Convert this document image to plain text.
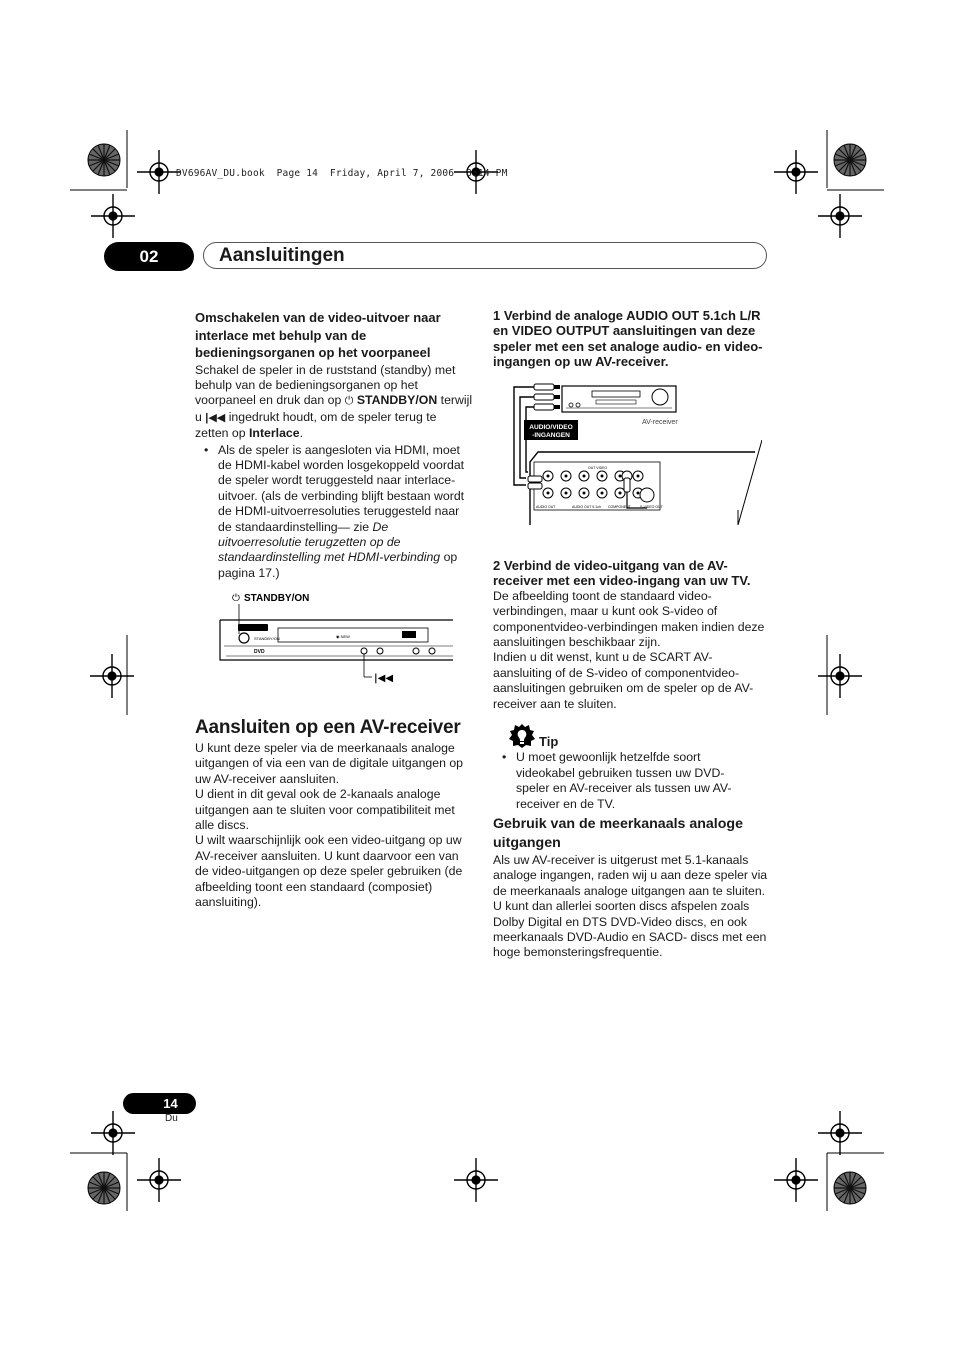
DV696AV_DU.book  Page 14  Friday, April 7, 2006  8:14 PM
02	Aansluitingen

Omschakelen van de video-uitvoer naar interlace met behulp van de bedieningsorganen op het voorpaneel

Schakel de speler in de ruststand (standby) met behulp van de bedieningsorganen op het voorpaneel en druk dan op ⏻ STANDBY/ON terwijl u |◀◀ ingedrukt houdt, om de speler terug te zetten op Interlace.

• Als de speler is aangesloten via HDMI, moet de HDMI-kabel worden losgekoppeld voordat de speler wordt teruggesteld naar interlace-uitvoer. (als de verbinding blijft bestaan wordt de HDMI-uitvoerresoluties teruggesteld naar de standaardinstelling— zie De uitvoerresolutie terugzetten op de standaardinstelling met HDMI-verbinding op pagina 17.)

⏻ STANDBY/ON
STANDBY/ON	◉ NEW
DVD
|◀◀

Aansluiten op een AV-receiver

U kunt deze speler via de meerkanaals analoge uitgangen of via een van de digitale uitgangen op uw AV-receiver aansluiten.

U dient in dit geval ook de 2-kanaals analoge uitgangen aan te sluiten voor compatibiliteit met alle discs.

U wilt waarschijnlijk ook een video-uitgang op uw AV-receiver aansluiten. U kunt daarvoor een van de video-uitgangen op deze speler gebruiken (de afbeelding toont een standaard (composiet) aansluiting).

1 Verbind de analoge AUDIO OUT 5.1ch L/R en VIDEO OUTPUT aansluitingen van deze speler met een set analoge audio- en video-ingangen op uw AV-receiver.

AUDIO/VIDEO
-INGANGEN
AV-receiver
AUDIO OUT	AUDIO OUT 5.1ch COMPONENT	S-VIDEO OUT
OUT VIDEO

2 Verbind de video-uitgang van de AV-receiver met een video-ingang van uw TV.

De afbeelding toont de standaard video-verbindingen, maar u kunt ook S-video of componentvideo-verbindingen maken indien deze aansluitingen beschikbaar zijn.

Indien u dit wenst, kunt u de SCART AV-aansluiting of de S-video of componentvideo-aansluitingen gebruiken om de speler op de AV-receiver aan te sluiten.

Tip

• U moet gewoonlijk hetzelfde soort videokabel gebruiken tussen uw DVD-speler en AV-receiver als tussen uw AV-receiver en de TV.

Gebruik van de meerkanaals analoge uitgangen

Als uw AV-receiver is uitgerust met 5.1-kanaals analoge ingangen, raden wij u aan deze speler via de meerkanaals analoge uitgangen aan te sluiten. U kunt dan allerlei soorten discs afspelen zoals Dolby Digital en DTS DVD-Video discs, en ook meerkanaals DVD-Audio en SACD- discs met een hoge bemonsteringsfrequentie.

14
Du
